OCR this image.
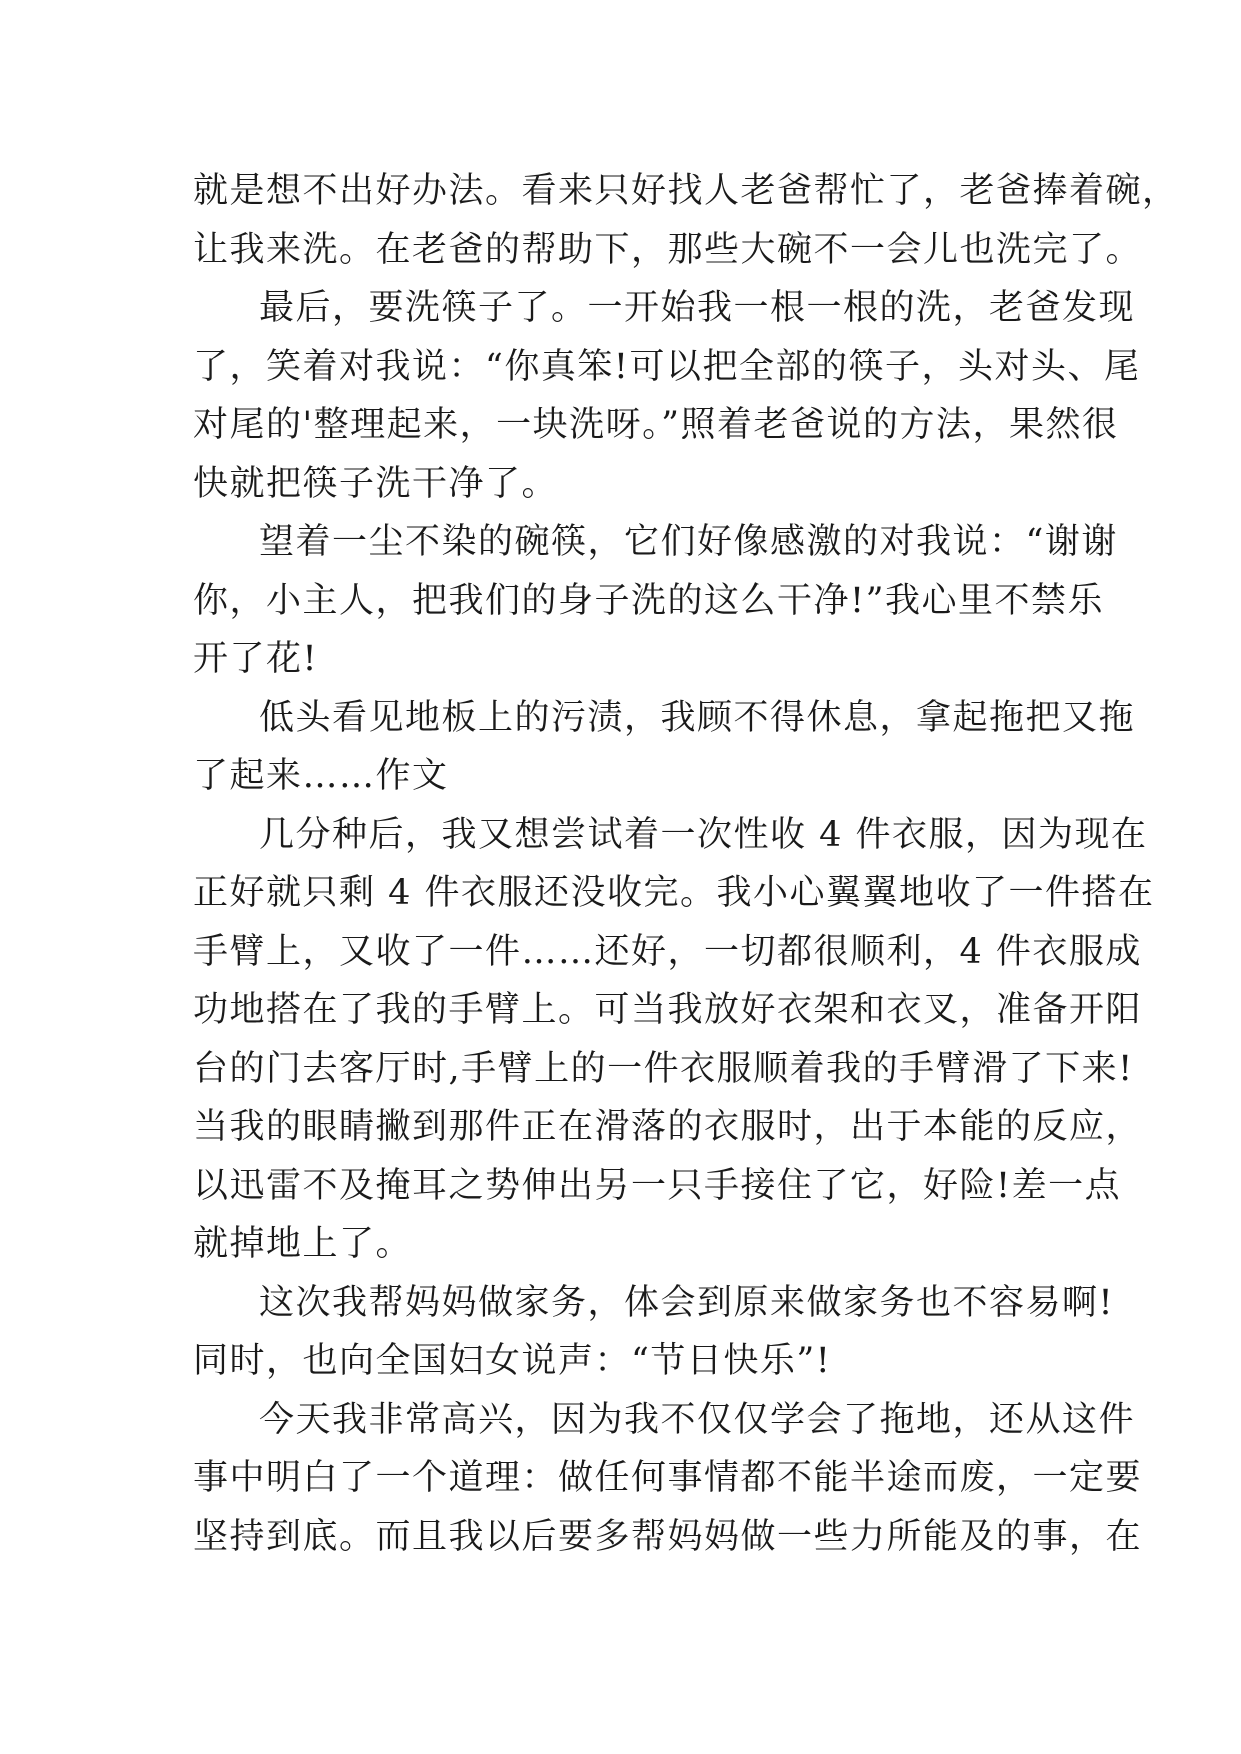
就是想不出好办法。看来只好找人老爸帮忙了，老爸捧着碗，
让我来洗。在老爸的帮助下，那些大碗不一会儿也洗完了。
最后，要洗筷子了。一开始我一根一根的洗，老爸发现
了，笑着对我说：“你真笨!可以把全部的筷子，头对头、尾
对尾的'整理起来，一块洗呀。”照着老爸说的方法，果然很
快就把筷子洗干净了。
望着一尘不染的碗筷，它们好像感激的对我说：“谢谢
你，小主人，把我们的身子洗的这么干净!”我心里不禁乐
开了花!
低头看见地板上的污渍，我顾不得休息，拿起拖把又拖
了起来……作文
几分种后，我又想尝试着一次性收 4 件衣服，因为现在
正好就只剩 4 件衣服还没收完。我小心翼翼地收了一件搭在
手臂上，又收了一件……还好，一切都很顺利，4 件衣服成
功地搭在了我的手臂上。可当我放好衣架和衣叉，准备开阳
台的门去客厅时,手臂上的一件衣服顺着我的手臂滑了下来!
当我的眼睛撇到那件正在滑落的衣服时，出于本能的反应，
以迅雷不及掩耳之势伸出另一只手接住了它，好险!差一点
就掉地上了。
这次我帮妈妈做家务，体会到原来做家务也不容易啊!
同时，也向全国妇女说声：“节日快乐”!
今天我非常高兴，因为我不仅仅学会了拖地，还从这件
事中明白了一个道理：做任何事情都不能半途而废，一定要
坚持到底。而且我以后要多帮妈妈做一些力所能及的事，在
